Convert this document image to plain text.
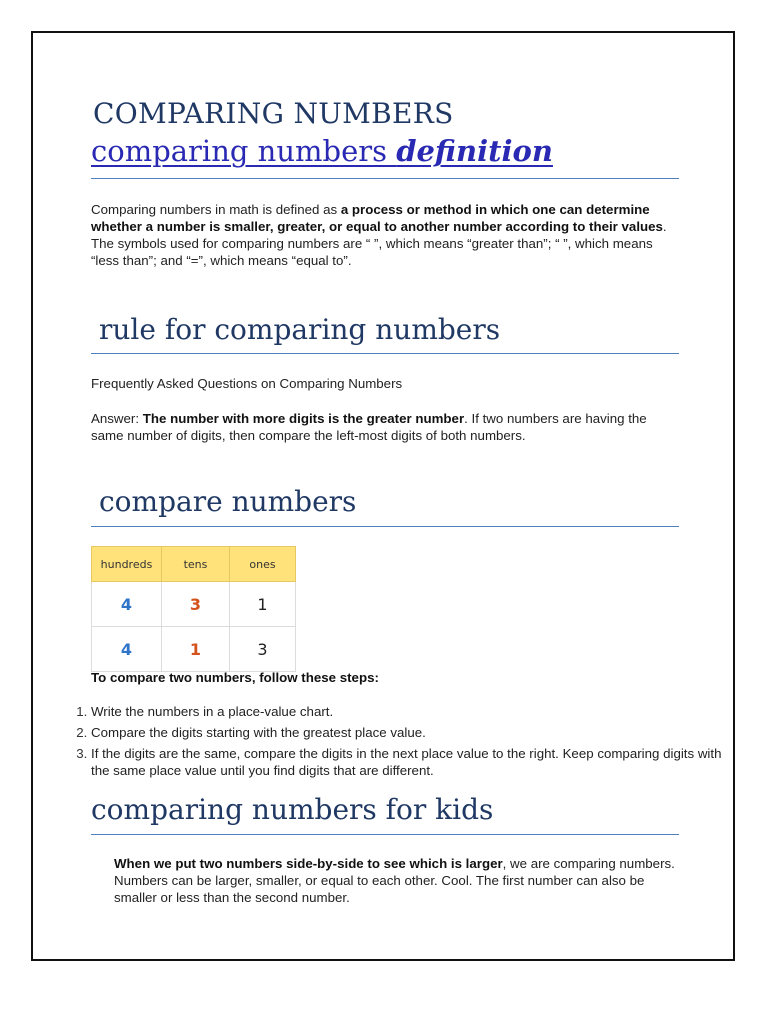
COMPARING NUMBERS
comparing numbers definition
Comparing numbers in math is defined as a process or method in which one can determine whether a number is smaller, greater, or equal to another number according to their values. The symbols used for comparing numbers are “ ”, which means “greater than”; “ ”, which means “less than”; and “=”, which means “equal to”.
rule for comparing numbers
Frequently Asked Questions on Comparing Numbers
Answer: The number with more digits is the greater number. If two numbers are having the same number of digits, then compare the left-most digits of both numbers.
compare numbers
hundreds	tens	ones
4	3	1
4	1	3
To compare two numbers, follow these steps:
1. Write the numbers in a place-value chart.
2. Compare the digits starting with the greatest place value.
3. If the digits are the same, compare the digits in the next place value to the right. Keep comparing digits with the same place value until you find digits that are different.
comparing numbers for kids
When we put two numbers side-by-side to see which is larger, we are comparing numbers. Numbers can be larger, smaller, or equal to each other. Cool. The first number can also be smaller or less than the second number.
